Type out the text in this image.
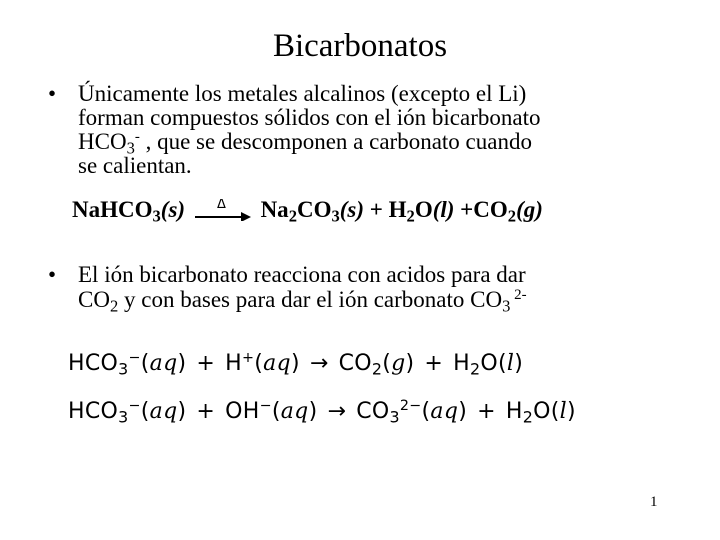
Bicarbonatos
• Únicamente los metales alcalinos (excepto el Li)
forman compuestos sólidos con el ión bicarbonato
$HCO_3^-$ , que se descomponen a carbonato cuando
se calientan.
NaHCO$_3$(s) Δ $Na_2CO_3(s) + H_2O(l) +CO_2(g)$
• El ión bicarbonato reacciona con acidos para dar
$CO_2$ y con bases para dar el ión carbonato $CO_3$ $^{2-}$
$HCO_3^-(aq) + H^+(aq) \to CO_2(g) + H_2O(l)$
$HCO_3^-(aq) + OH^-(aq) \to CO_3^{2-}(aq) + H_2O(l)$
1
